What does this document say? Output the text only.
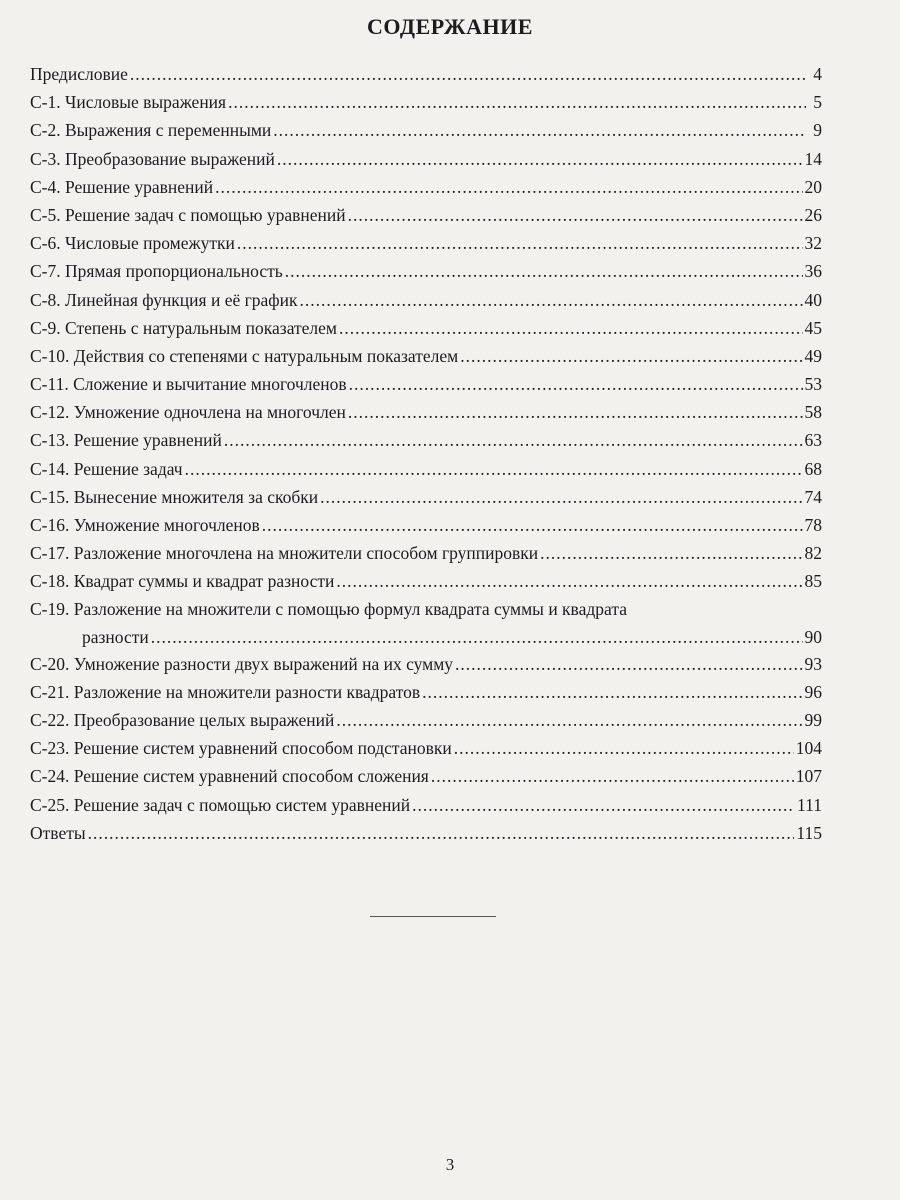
СОДЕРЖАНИЕ
Предисловие .....	4
С-1. Числовые выражения .....	5
С-2. Выражения с переменными .....	9
С-3. Преобразование выражений .....	14
С-4. Решение уравнений .....	20
С-5. Решение задач с помощью уравнений .....	26
С-6. Числовые промежутки .....	32
С-7. Прямая пропорциональность .....	36
С-8. Линейная функция и её график .....	40
С-9. Степень с натуральным показателем .....	45
С-10. Действия со степенями с натуральным показателем .....	49
С-11. Сложение и вычитание многочленов .....	53
С-12. Умножение одночлена на многочлен .....	58
С-13. Решение уравнений .....	63
С-14. Решение задач .....	68
С-15. Вынесение множителя за скобки .....	74
С-16. Умножение многочленов .....	78
С-17. Разложение многочлена на множители способом группировки .....	82
С-18. Квадрат суммы и квадрат разности .....	85
С-19. Разложение на множители с помощью формул квадрата суммы и квадрата
разности .....	90
С-20. Умножение разности двух выражений на их сумму .....	93
С-21. Разложение на множители разности квадратов .....	96
С-22. Преобразование целых выражений .....	99
С-23. Решение систем уравнений способом подстановки .....	104
С-24. Решение систем уравнений способом сложения .....	107
С-25. Решение задач с помощью систем уравнений .....	111
Ответы .....	115
3
